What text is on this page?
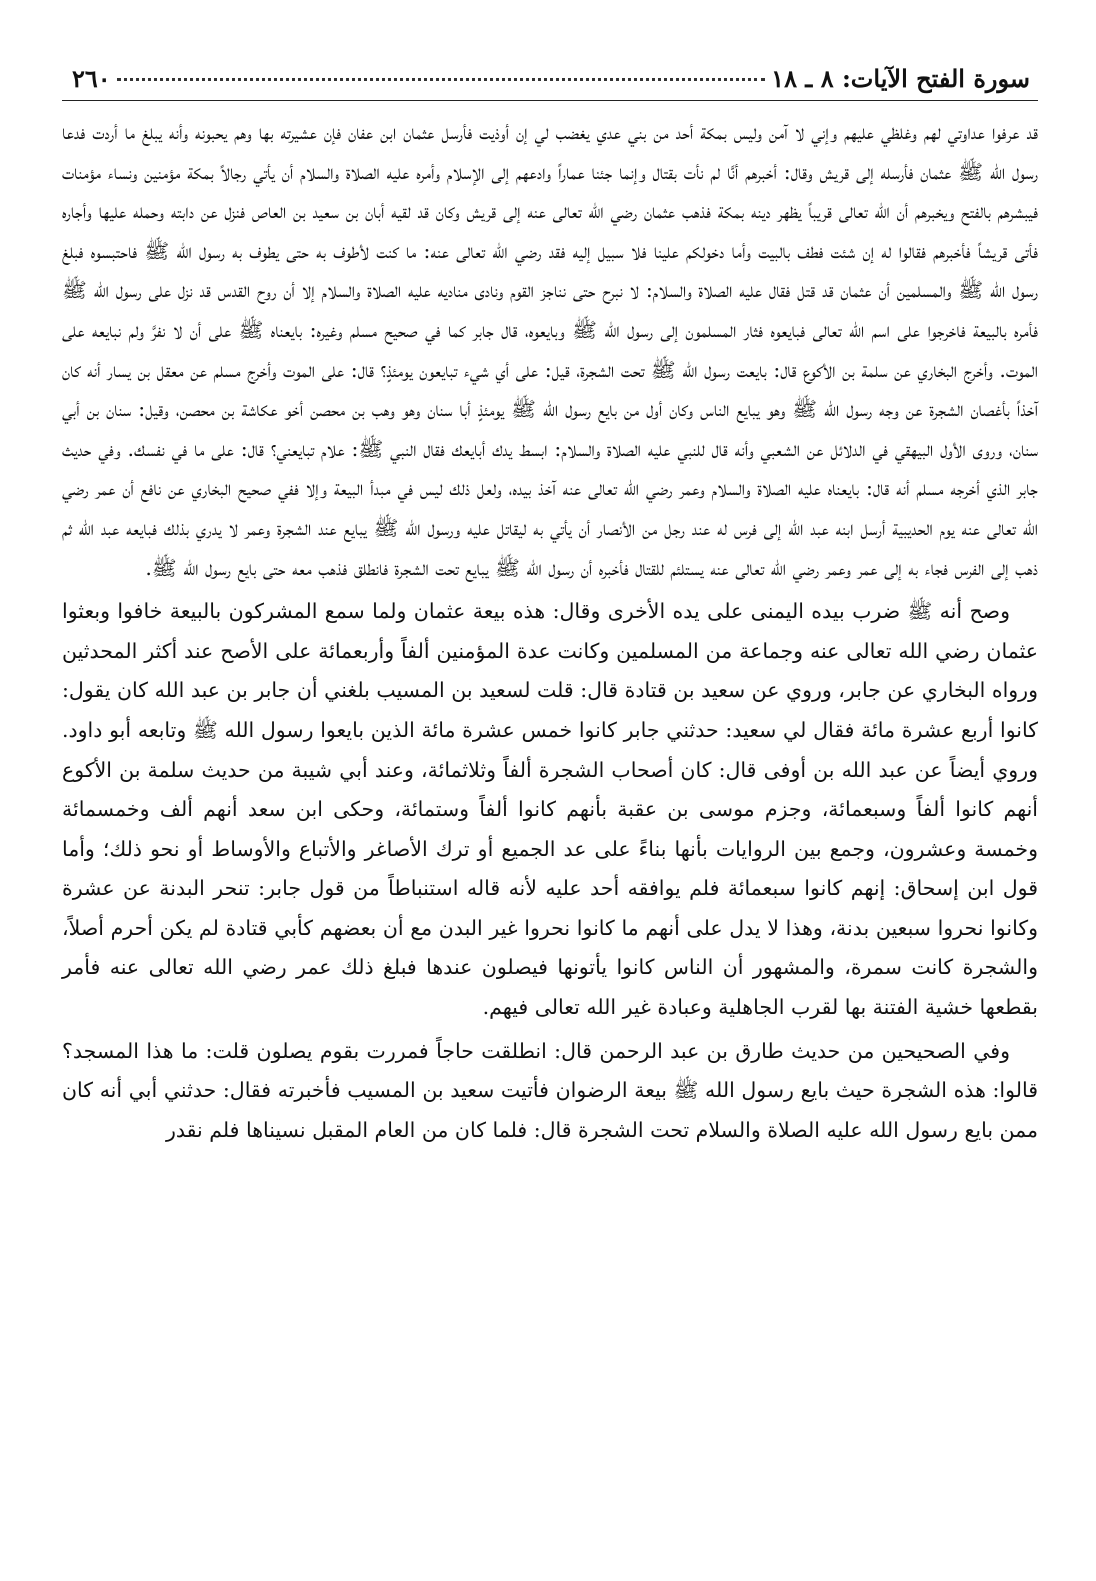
سورة الفتح الآيات: ٨ ـ ١٨
٢٦٠

قد عرفوا عداوتي لهم وغلظي عليهم وإني لا آمن وليس بمكة أحد من بني عدي يغضب لي إن أوذيت فأرسل عثمان ابن عفان فإن عشيرته بها وهم يحبونه وأنه يبلغ ما أردت فدعا رسول الله ﷺ عثمان فأرسله إلى قريش وقال: أخبرهم أنَّا لم نأت بقتال وإنما جئنا عماراً وادعهم إلى الإسلام وأمره عليه الصلاة والسلام أن يأتي رجالاً بمكة مؤمنين ونساء مؤمنات فيبشرهم بالفتح ويخبرهم أن الله تعالى قريباً يظهر دينه بمكة فذهب عثمان رضي الله تعالى عنه إلى قريش وكان قد لقيه أبان بن سعيد بن العاص فنزل عن دابته وحمله عليها وأجاره فأتى قريشاً فأخبرهم فقالوا له إن شئت فطف بالبيت وأما دخولكم علينا فلا سبيل إليه فقد رضي الله تعالى عنه: ما كنت لأطوف به حتى يطوف به رسول الله ﷺ فاحتبسوه فبلغ رسول الله ﷺ والمسلمين أن عثمان قد قتل فقال عليه الصلاة والسلام: لا نبرح حتى نناجز القوم ونادى مناديه عليه الصلاة والسلام إلا أن روح القدس قد نزل على رسول الله ﷺ فأمره بالبيعة فاخرجوا على اسم الله تعالى فبايعوه فثار المسلمون إلى رسول الله ﷺ وبايعوه، قال جابر كما في صحيح مسلم وغيره: بايعناه ﷺ على أن لا نفرَّ ولم نبايعه على الموت. وأخرج البخاري عن سلمة بن الأكوع قال: بايعت رسول الله ﷺ تحت الشجرة، قيل: على أي شيء تبايعون يومئذٍ؟ قال: على الموت وأخرج مسلم عن معقل بن يسار أنه كان آخذاً بأغصان الشجرة عن وجه رسول الله ﷺ وهو يبايع الناس وكان أول من بايع رسول الله ﷺ يومئذٍ أبا سنان وهو وهب بن محصن أخو عكاشة بن محصن، وقيل: سنان بن أبي سنان، وروى الأول البيهقي في الدلائل عن الشعبي وأنه قال للنبي عليه الصلاة والسلام: ابسط يدك أبايعك فقال النبي ﷺ: علام تبايعني؟ قال: على ما في نفسك. وفي حديث جابر الذي أخرجه مسلم أنه قال: بايعناه عليه الصلاة والسلام وعمر رضي الله تعالى عنه آخذ بيده، ولعل ذلك ليس في مبدأ البيعة وإلا ففي صحيح البخاري عن نافع أن عمر رضي الله تعالى عنه يوم الحديبية أرسل ابنه عبد الله إلى فرس له عند رجل من الأنصار أن يأتي به ليقاتل عليه ورسول الله ﷺ يبايع عند الشجرة وعمر لا يدري بذلك فبايعه عبد الله ثم ذهب إلى الفرس فجاء به إلى عمر وعمر رضي الله تعالى عنه يستلئم للقتال فأخبره أن رسول الله ﷺ يبايع تحت الشجرة فانطلق فذهب معه حتى بايع رسول الله ﷺ.

وصح أنه ﷺ ضرب بيده اليمنى على يده الأخرى وقال: هذه بيعة عثمان ولما سمع المشركون بالبيعة خافوا وبعثوا عثمان رضي الله تعالى عنه وجماعة من المسلمين وكانت عدة المؤمنين ألفاً وأربعمائة على الأصح عند أكثر المحدثين ورواه البخاري عن جابر، وروي عن سعيد بن قتادة قال: قلت لسعيد بن المسيب بلغني أن جابر بن عبد الله كان يقول: كانوا أربع عشرة مائة فقال لي سعيد: حدثني جابر كانوا خمس عشرة مائة الذين بايعوا رسول الله ﷺ وتابعه أبو داود. وروي أيضاً عن عبد الله بن أوفى قال: كان أصحاب الشجرة ألفاً وثلاثمائة، وعند أبي شيبة من حديث سلمة بن الأكوع أنهم كانوا ألفاً وسبعمائة، وجزم موسى بن عقبة بأنهم كانوا ألفاً وستمائة، وحكى ابن سعد أنهم ألف وخمسمائة وخمسة وعشرون، وجمع بين الروايات بأنها بناءً على عد الجميع أو ترك الأصاغر والأتباع والأوساط أو نحو ذلك؛ وأما قول ابن إسحاق: إنهم كانوا سبعمائة فلم يوافقه أحد عليه لأنه قاله استنباطاً من قول جابر: تنحر البدنة عن عشرة وكانوا نحروا سبعين بدنة، وهذا لا يدل على أنهم ما كانوا نحروا غير البدن مع أن بعضهم كأبي قتادة لم يكن أحرم أصلاً، والشجرة كانت سمرة، والمشهور أن الناس كانوا يأتونها فيصلون عندها فبلغ ذلك عمر رضي الله تعالى عنه فأمر بقطعها خشية الفتنة بها لقرب الجاهلية وعبادة غير الله تعالى فيهم.

وفي الصحيحين من حديث طارق بن عبد الرحمن قال: انطلقت حاجاً فمررت بقوم يصلون قلت: ما هذا المسجد؟ قالوا: هذه الشجرة حيث بايع رسول الله ﷺ بيعة الرضوان فأتيت سعيد بن المسيب فأخبرته فقال: حدثني أبي أنه كان ممن بايع رسول الله عليه الصلاة والسلام تحت الشجرة قال: فلما كان من العام المقبل نسيناها فلم نقدر
